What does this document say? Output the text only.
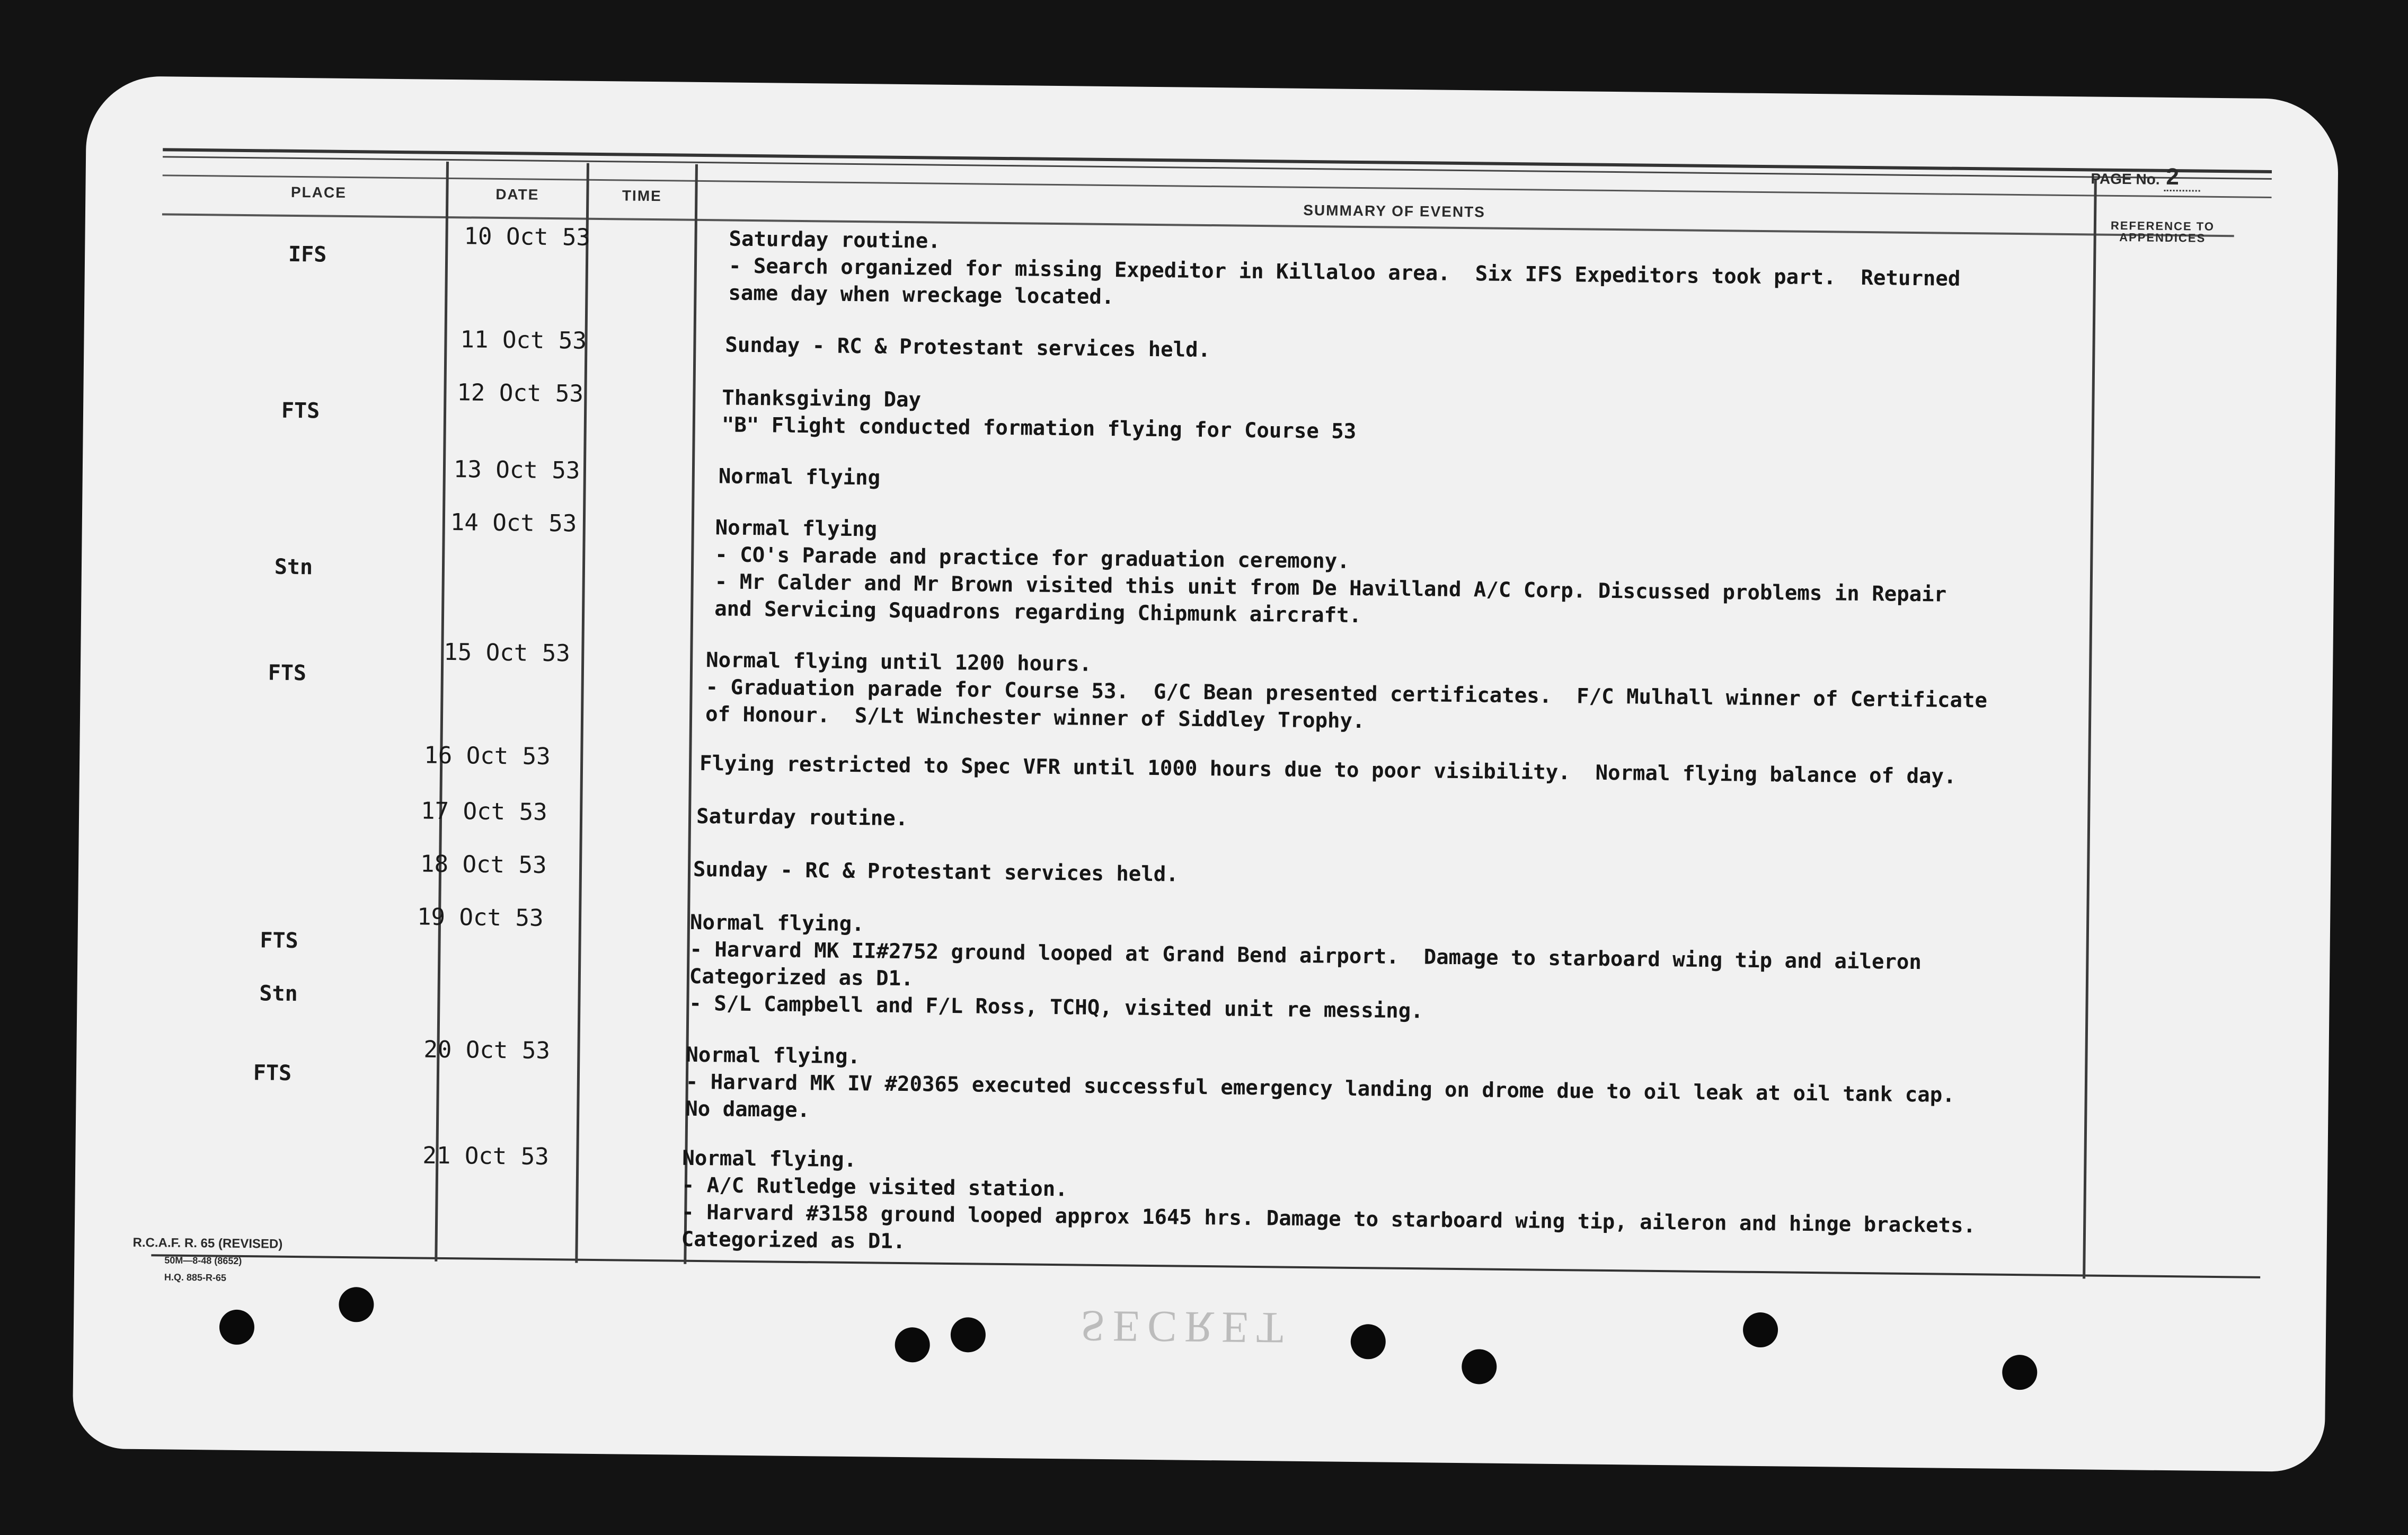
PAGE No. 2
PLACE	DATE	TIME
SUMMARY OF EVENTS
REFERENCE TO APPENDICES
IFS
FTS
Stn
FTS
FTS
Stn
FTS
10 Oct 53
11 Oct 53
12 Oct 53
13 Oct 53
14 Oct 53
15 Oct 53
16 Oct 53
17 Oct 53
18 Oct 53
19 Oct 53
20 Oct 53
21 Oct 53
Saturday routine.
- Search organized for missing Expeditor in Killaloo area.  Six IFS Expeditors took part.  Returned
same day when wreckage located.
Sunday - RC & Protestant services held.
Thanksgiving Day
"B" Flight conducted formation flying for Course 53
Normal flying
Normal flying
- CO's Parade and practice for graduation ceremony.
- Mr Calder and Mr Brown visited this unit from De Havilland A/C Corp. Discussed problems in Repair
and Servicing Squadrons regarding Chipmunk aircraft.
Normal flying until 1200 hours.
- Graduation parade for Course 53.  G/C Bean presented certificates.  F/C Mulhall winner of Certificate
of Honour.  S/Lt Winchester winner of Siddley Trophy.
Flying restricted to Spec VFR until 1000 hours due to poor visibility.  Normal flying balance of day.
Saturday routine.
Sunday - RC & Protestant services held.
Normal flying.
- Harvard MK II#2752 ground looped at Grand Bend airport.  Damage to starboard wing tip and aileron
Categorized as D1.
- S/L Campbell and F/L Ross, TCHQ, visited unit re messing.
Normal flying.
- Harvard MK IV #20365 executed successful emergency landing on drome due to oil leak at oil tank cap.
No damage.
Normal flying.
- A/C Rutledge visited station.
- Harvard #3158 ground looped approx 1645 hrs. Damage to starboard wing tip, aileron and hinge brackets.
Categorized as D1.
R.C.A.F. R. 65 (REVISED)
50M—8-48 (8652)
H.Q. 885-R-65
SECRET
